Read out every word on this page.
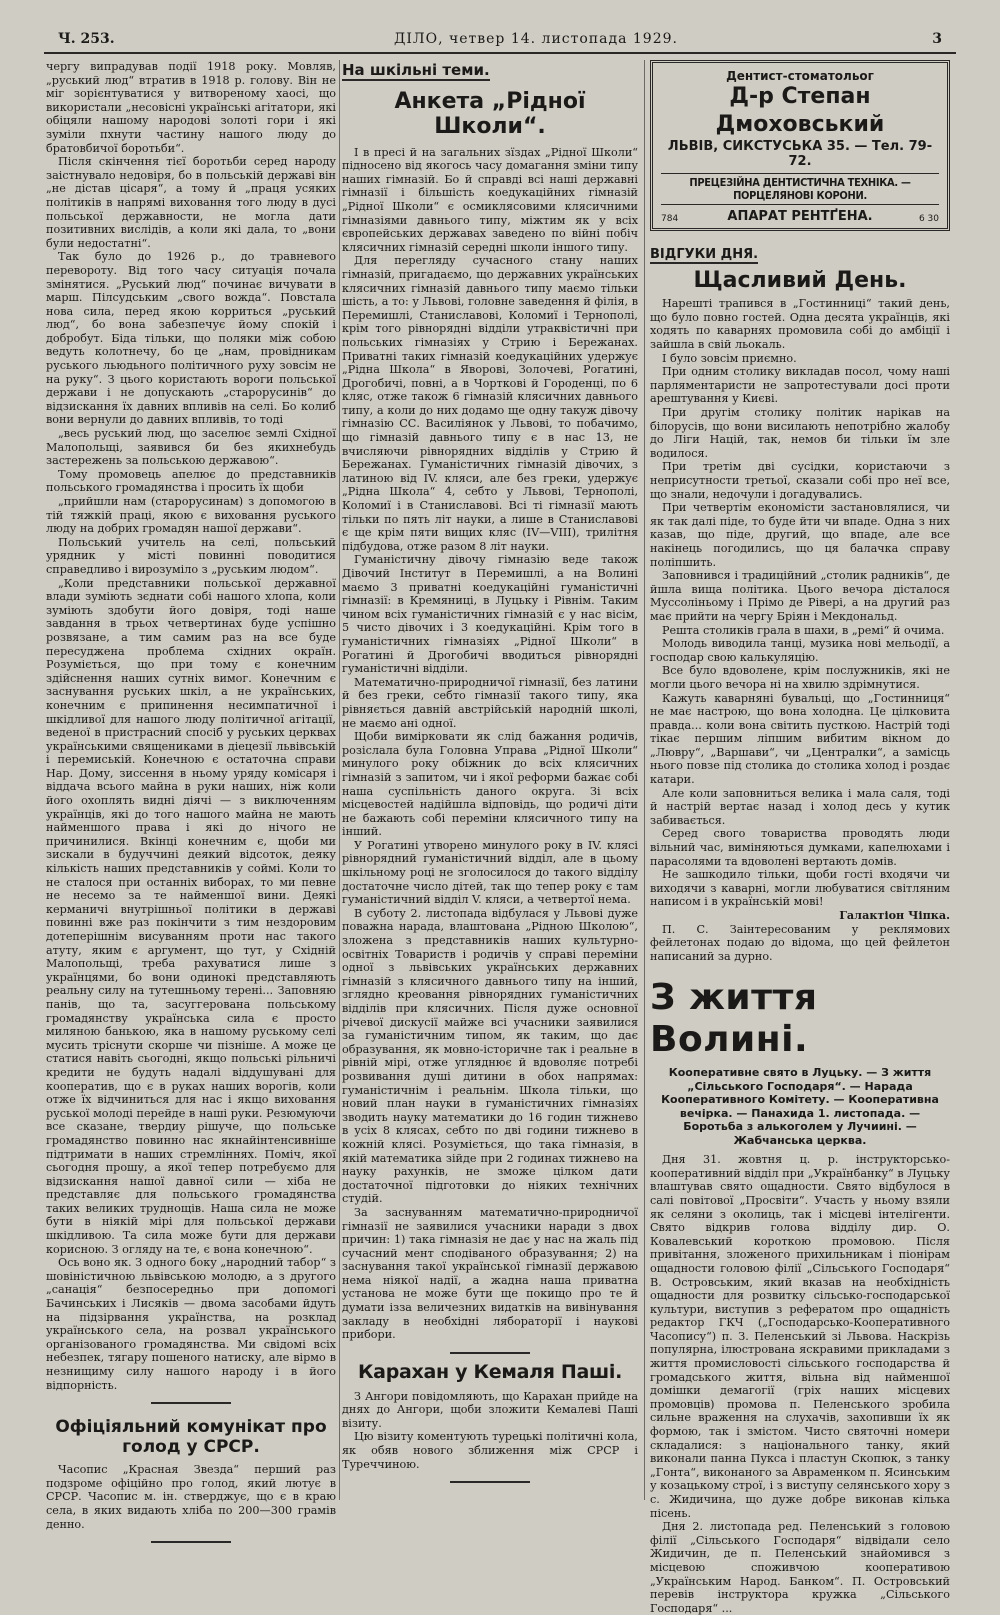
Ч. 253.	ДІЛО, четвер 14. листопада 1929.	3

чергу випрадував події 1918 року. Мовляв, „руський люд“ втратив в 1918 р. голову. Він не міг зорієнтуватися у витвореному хаосі, що використали „несовісні українські агітатори, які обіцяли нашому народові золоті гори і які зуміли пхнути частину нашого люду до братовбичої боротьби“.

Після скінчення тієї боротьби серед народу заістнувало недовіря, бо в польській державі він „не дістав цісаря“, а тому й „праця усяких політиків в напрямі виховання того люду в дусі польської державности, не могла дати позитивних вислідів, а коли які дала, то „вони були недостатні“.

Так було до 1926 р., до травневого перевороту. Від того часу ситуація почала змінятися. „Руський люд“ починає вичувати в марш. Пілсудським „свого вожда“. Повстала нова сила, перед якою корриться „руський люд“, бо вона забезпечує йому спокій і добробут. Біда тільки, що поляки між собою ведуть колотнечу, бо це „нам, провідникам руського льюдьного політичного руху зовсім не на руку“. З цього користають вороги польської держави і не допускають „старорусинів“ до відзискання їх давних впливів на селі. Бо колиб вони вернули до давних впливів, то тоді

„весь руський люд, що заселює землі Східної Малопольщі, заявився би без якихнебудь застережень за польською державою“.

Тому промовець апелює до представників польського громадянства і просить їх щоби

„прийшли нам (старорусинам) з допомогою в тій тяжкій праці, якою є виховання руського люду на добрих громадян нашої держави“.

Польський учитель на селі, польський урядник у місті повинні поводитися справедливо і вирозуміло з „руським людом“.

„Коли представники польської державної влади зуміють зєднати собі нашого хлопа, коли зуміють здобути його довіря, тоді наше завдання в трьох четвертинах буде успішно розвязане, а тим самим раз на все буде пересуджена проблема східних окраїн. Розуміється, що при тому є конечним здійснення наших сутніх вимог. Конечним є заснування руських шкіл, а не українських, конечним є припинення несимпатичної і шкідливої для нашого люду політичної агітації, веденої в пристрасний спосіб у руських церквах українськими священиками в діецезії львівській і перемиській. Конечною є остаточна справи Нар. Дому, зиcсення в ньому уряду комісаря і віддача всього майна в руки наших, ніж коли його охоплять видні діячі — з виключенням українців, які до того нашого майна не мають найменшого права і які до нічого не причинилися. Вкінці конечним є, щоби ми зискали в будуччині деякий відсоток, деяку кількість наших представників у соймі. Коли то не сталося при останніх виборах, то ми певне не несемо за те найменшої вини. Деякі керманичі внутрішньої політики в державі повинні вже раз покінчити з тим нездоровим дотеперішнім висуванням проти нас такого атуту, яким є аргумент, що тут, у Східній Малопольщі, треба рахуватися лише з українцями, бо вони одинокі представляють реальну силу на тутешньому терені... Заповняю панів, що та, засуггерована польському громадянству українська сила є просто миляною банькою, яка в нашому руському селі мусить тріснути скорше чи пізніше. А може це статися навіть сьогодні, якщо польські рільничі кредити не будуть надалі віддушувані для кооператив, що є в руках наших ворогів, коли отже їх відчиниться для нас і якщо виховання руської молоді перейде в наші руки. Резюмуючи все сказане, твердиу рішуче, що польське громадянство повинно нас якнайінтенсивніше підтримати в наших стремліннях. Поміч, якої сьогодня прошу, а якої тепер потребуємо для відзискання нашої давної сили — хіба не представляє для польського громадянства таких великих труднощів. Наша сила не може бути в ніякій мірі для польської держави шкідливою. Та сила може бути для держави корисною. З огляду на те, є вона конечною“.

Ось воно як. З одного боку „народний табор“ з шовіністичною львівською молодю, а з другого „санація“ безпосередньо при допомогі Бачинських і Лисяків — двома засобами йдуть на підзірвання українства, на розклад українського села, на розвал українського організованого громадянства. Ми свідомі всіх небезпек, тягару пошеного натиску, але вірмо в незнищиму силу нашого народу і в його відпорність.

Офіціяльний комунікат про голод у СРСР.

Часопис „Красная Звезда“ перший раз подзроме офіційно про голод, який лютує в СРСР. Часопис м. ін. стверджує, що є в краю села, в яких видають хліба по 200—300 грамів денно.

На шкільні теми.
Анкета „Рідної Школи“.

І в пресі й на загальних зїздах „Рідної Школи“ підносено від якогось часу домагання зміни типу наших гімназій. Бо й справді всі наші державні гімназії і більшість коедукаційних гімназій „Рідної Школи“ є осмиклясовими клясичними гімназіями давнього типу, міжтим як у всіх європейських державах заведено по війні побіч клясичних гімназій середні школи іншого типу.

Для перегляду сучасного стану наших гімназій, пригадаємо, що державних українських клясичних гімназій давнього типу маємо тільки шість, а то: у Львові, головне заведення й філія, в Перемишлі, Станиславові, Коломиї і Тернополі, крім того рівнорядні відділи утраквістичні при польських гімназіях у Стрию і Бережанах. Приватні таких гімназій коедукаційних удержує „Рідна Школа“ в Яворові, Золочеві, Рогатині, Дрогобичі, повні, а в Чорткові й Городенці, по 6 кляс, отже також 6 гімназій клясичних давнього типу, а коли до них додамо ще одну такуж дівочу гімназію СС. Василіянок у Львові, то побачимо, що гімназій давнього типу є в нас 13, не вчисляючи рівнорядних відділів у Стрию й Бережанах. Гуманістичних гімназій дівочих, з латиною від IV. кляси, але без греки, удержує „Рідна Школа“ 4, себто у Львові, Тернополі, Коломиї і в Станиславові. Всі ті гімназії мають тільки по пять літ науки, а лише в Станиславові є ще крім пяти вищих кляс (IV—VIII), трилітня підбудова, отже разом 8 літ науки.

Гуманістичну дівочу гімназію веде також Дівочий Інститут в Перемишлі, а на Волині маємо 3 приватні коедукаційні гуманістичні гімназії: в Кремяниці, в Луцьку і Рівнім. Таким чином всіх гуманістичних гімназій є у нас вісім, 5 чисто дівочих і 3 коедукаційні. Крім того в гуманістичних гімназіях „Рідної Школи“ в Рогатині й Дрогобичі вводиться рівнорядні гуманістичні відділи.

Математично-природничої гімназії, без латини й без греки, себто гімназії такого типу, яка рівняється давній австрійській народній школі, не маємо ані одної.

Щоби вимірковати як слід бажання родичів, розіслала була Головна Управа „Рідної Школи“ минулого року обіжник до всіх клясичних гімназій з запитом, чи і якої реформи бажає собі наша суспільність даного округа. Зі всіх місцевостей надійшла відповідь, що родичі діти не бажають собі переміни клясичного типу на інший.

У Рогатині утворено минулого року в IV. клясі рівнорядний гуманістичний відділ, але в цьому шкільному році не зголосилося до такого відділу достаточне число дітей, так що тепер року є там гуманістичний відділ V. кляси, а четвертої нема.

В суботу 2. листопада відбулася у Львові дуже поважна нарада, влаштована „Рідною Школою“, зложена з представників наших культурно-освітніх Товариств і родичів у справі переміни одної з львівських українських державних гімназій з клясичного давнього типу на інший, згляднo креовання рівнорядних гуманістичних відділів при клясичних. Після дуже основної річевої дискусії майже всі учасники заявилися за гуманістичним типом, як таким, що дає образування, як мовно-історичне так і реальне в рівній мірі, отже угляднює й вдоволяє потребі розвивання душі дитини в обох напрямах: гуманістичнім і реальнім. Школа тільки, що новий план науки в гуманістичних гімназіях зводить науку математики до 16 годин тижнево в усіх 8 клясах, себто по дві години тижнево в кожній клясі. Розуміється, що така гімназія, в якій математика зійде при 2 годинах тижнево на науку рахунків, не зможе цілком дати достаточної підготовки до ніяких технічних студій.

За заснуванням математично-природничої гімназії не заявилися учасники наради з двох причин: 1) така гімназія не дає у нас на жаль під сучасний мент сподіваного образування; 2) на заснування такої української гімназії державою нема ніякої надії, а жадна наша приватна установа не може бути ще покищо про те й думати ізза величезних видатків на вивінування закладу в необхідні лябораторії і наукові прибори.

Карахан у Кемаля Паші.

З Ангори повідомляють, що Карахан прийде на днях до Ангори, щоби зложити Кемалеві Паші візиту.

Цю візиту коментують турецькі політичні кола, як обяв нового зближення між СРСР і Туреччиною.

Дентист-стоматольог
Д-р Степан Дмоховський
ЛЬВІВ, СИКСТУСЬКА 35. — Тел. 79-72.
ПРЕЦЕЗІЙНА ДЕНТИСТИЧНА ТЕХНІКА. — ПОРЦЕЛЯНОВІ КОРОНИ.
784	АПАРАТ РЕНТҐЕНА.	6 30
ВІДГУКИ ДНЯ.
Щасливий День.

Нарешті трапився в „Гостинниці“ такий день, що було повно гостей. Одна десята українців, які ходять по каварнях промовила собі до амбіції і зайшла в свій льокаль.

І було зовсім приємно.

При одним столику викладав посол, чому наші парляментаристи не запротестували досі проти арештування у Києві.

При другім столику політик нарікав на білорусів, що вони висилають непотрібно жалобу до Ліги Націй, так, немов би тільки їм зле водилося.

При третім дві сусідки, користаючи з неприсутности третьої, сказали собі про неї все, що знали, недочули і догадувались.

При четвертім економісти застановлялися, чи як так далі піде, то буде йти чи впаде. Одна з них казав, що піде, другий, що впаде, але все накінець погодились, що ця балачка справу поліпшить.

Заповнився і традиційний „столик радників“, де йшла вища політика. Цього вечора дісталося Муссоліньому і Прімо де Ріверi, а на другий раз має прийти на чергу Бріян і Мекдональд.

Решта столиків грала в шахи, в „ремі“ й очима.

Молодь виводила танці, музика нові мельодії, а господар свою калькуляцію.

Все було вдоволене, крім послужників, які не могли цього вечора ні на хвилю здрімнутися.

Кажуть каварняні бувальці, що „Гостинниця“ не має настрою, що вона холодна. Це цілковита правда... коли вона світить пусткою. Настрій тоді тікає першим ліпшим вибитим вікном до „Лювру“, „Варшави“, чи „Централки“, а замісць нього повзе під столика до столика холод і роздає катари.

Але коли заповниться велика і мала саля, тоді й настрій вертає назад і холод десь у кутик забивається.

Серед свого товариства проводять люди вільний час, виміняються думками, капелюхами і парасолями та вдоволені вертають домів.

Не зашкодило тільки, щоби гості входячи чи виходячи з каварні, могли любуватися світляним написом і в українській мові!

Галактіон Чіпка.

П. С. Заінтересованим у реклямових фейлетонах подаю до відома, що цей фейлетон написаний за дурно.

З життя Волині.
Кооперативне свято в Луцьку. — З життя „Сільського Господаря“. — Нарада Кооперативного Комітету. — Кооперативна вечірка. — Панахида 1. листопада. — Боротьба з алькоголем у Лучиині. — Жабчанська церква.

Дня 31. жовтня ц. р. інструкторсько-кооперативний відділ при „Українбанку“ в Луцьку влаштував свято ощадности. Свято відбулося в салі повітової „Просвіти“. Участь у ньому взяли як селяни з околиць, так і місцеві інтелігенти. Свято відкрив голова відділу дир. О. Ковалевський короткою промовою. Після привітання, зложеного прихильникам і піонірам ощадности головою філії „Сільського Господаря“ В. Островським, який вказав на необхідність ощадности для розвитку сільсько-господарської культури, виступив з рефератом про ощадність редактор ГКЧ („Господарсько-Кооперативного Часопису“) п. З. Пеленський зі Львова. Наскрізь популярна, ілюстрована яскравими прикладами з життя промисловості сільського господарства й громадського життя, вільна від найменшої домішки демагогії (гріх наших місцевих промовців) промова п. Пеленського зробила сильне враження на слухачів, захопивши їх як формою, так і змістом. Чисто святочні номери складалися: з національного танку, який виконали панна Пукса і пластун Скопюк, з танку „Гонта“, виконаного за Авраменком п. Ясинським у козацькому строї, і з виступу селянського хору з с. Жидичина, що дуже добре виконав кілька пісень.

Дня 2. листопада ред. Пеленський з головою філії „Сільського Господаря“ відвідали село Жидичин, де п. Пеленський знайомився з місцевою споживчою кооперативою „Українським Народ. Банком“. П. Островський перевів інструктора кружка „Сільського Господаря“ ...
